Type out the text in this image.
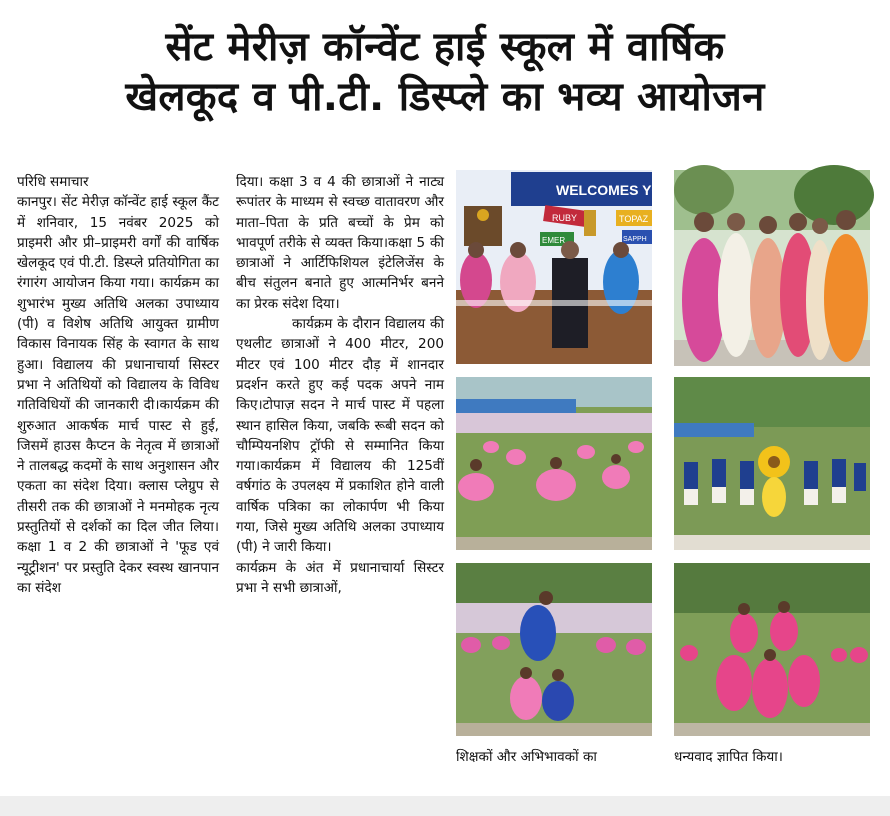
सेंट मेरीज़ कॉन्वेंट हाई स्कूल में वार्षिक
खेलकूद व पी.टी. डिस्प्ले का भव्य आयोजन

परिधि समाचार

कानपुर। सेंट मेरीज़ कॉन्वेंट हाई स्कूल कैंट में शनिवार, 15 नवंबर 2025 को प्राइमरी और प्री–प्राइमरी वर्गों की वार्षिक खेलकूद एवं पी.टी. डिस्प्ले प्रतियोगिता का रंगारंग आयोजन किया गया। कार्यक्रम का शुभारंभ मुख्य अतिथि अलका उपाध्याय (पी) व विशेष अतिथि आयुक्त ग्रामीण विकास विनायक सिंह के स्वागत के साथ हुआ। विद्यालय की प्रधानाचार्या सिस्टर प्रभा ने अतिथियों को विद्यालय के विविध गतिविधियों की जानकारी दी।कार्यक्रम की शुरुआत आकर्षक मार्च पास्ट से हुई, जिसमें हाउस कैप्टन के नेतृत्व में छात्राओं ने तालबद्ध कदमों के साथ अनुशासन और एकता का संदेश दिया। क्लास प्लेग्रुप से तीसरी तक की छात्राओं ने मनमोहक नृत्य प्रस्तुतियों से दर्शकों का दिल जीत लिया। कक्षा 1 व 2 की छात्राओं ने 'फूड एवं न्यूट्रीशन' पर प्रस्तुति देकर स्वस्थ खानपान का संदेश

दिया। कक्षा 3 व 4 की छात्राओं ने नाट्य रूपांतर के माध्यम से स्वच्छ वातावरण और माता–पिता के प्रति बच्चों के प्रेम को भावपूर्ण तरीके से व्यक्त किया।कक्षा 5 की छात्राओं ने आर्टिफिशियल इंटेलिजेंस के बीच संतुलन बनाते हुए आत्मनिर्भर बनने का प्रेरक संदेश दिया।

कार्यक्रम के दौरान विद्यालय की एथलीट छात्राओं ने 400 मीटर, 200 मीटर एवं 100 मीटर दौड़ में शानदार प्रदर्शन करते हुए कई पदक अपने नाम किए।टोपाज़ सदन ने मार्च पास्ट में पहला स्थान हासिल किया, जबकि रूबी सदन को चौम्पियनशिप ट्रॉफी से सम्मानित किया गया।कार्यक्रम में विद्यालय की 125वीं वर्षगांठ के उपलक्ष्य में प्रकाशित होने वाली वार्षिक पत्रिका का लोकार्पण भी किया गया, जिसे मुख्य अतिथि अलका उपाध्याय (पी) ने जारी किया।

कार्यक्रम के अंत में प्रधानाचार्या सिस्टर प्रभा ने सभी छात्राओं,

शिक्षकों और अभिभावकों का	धन्यवाद ज्ञापित किया।
WELCOMES YOU
RUBY	TOPAZ
EMER	SAPPH
